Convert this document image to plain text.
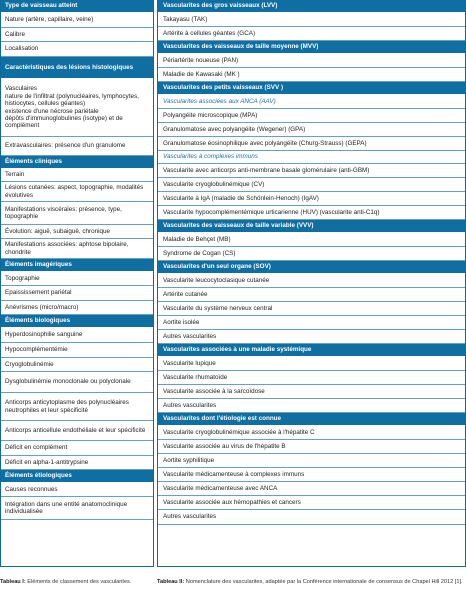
Type de vaisseau atteint
Nature (artère, capillaire, veine)
Calibre
Localisation
Caractéristiques des lésions histologiques
Vasculaires
nature de l'infiltrat (polynucléaires, lymphocytes, histiocytes, cellules géantes)
existence d'une nécrose pariétale
dépôts d'immunoglobulines (isotype) et de complément
Extravasculaires: présence d'un granulome
Éléments cliniques
Terrain
Lésions cutanées: aspect, topographie, modalités évolutives
Manifestations viscérales: présence, type, topographie
Évolution: aiguë, subaiguë, chronique
Manifestations associées: aphtose bipolaire, chondrite
Éléments imagériques
Topographie
Epaississement pariétal
Anévrismes (micro/macro)
Éléments biologiques
Hyperdosinophilie sanguine
Hypocomplémentémie
Cryoglobulinémie
Dysglobulinémie monoclonale ou polyclonale
Anticorps anticytoplasme des polynucléaires neutrophiles et leur spécificité
Anticorps anticellule endothéliale et leur spécificité
Déficit en complément
Déficit en alpha-1-antitrypsine
Éléments étiologiques
Causes reconnues
Intégration dans une entité anatomoclinique individualisée
Vascularites des gros vaisseaux (LVV)
Takayasu (TAK)
Artérite à cellules géantes (GCA)
Vascularites des vaisseaux de taille moyenne (MVV)
Périartérite noueuse (PAN)
Maladie de Kawasaki (MK )
Vascularites des petits vaisseaux (SVV )
Vascularites associées aux ANCA (AAV)
Polyangéite microscopique (MPA)
Granulomatose avec polyangéite (Wegener) (GPA)
Granulomatose éosinophilique avec polyangéite (Churg-Strauss) (GEPA)
Vascularites à complexes immuns
Vascularite avec anticorps anti-membrane basale glomérulaire (anti-GBM)
Vascularite cryoglobulinémique (CV)
Vascularite à IgA (maladie de Schönlein-Henoch) (IgAV)
Vascularite hypocomplémentémique urticarienne (HUV) (vascularite anti-C1q)
Vascularites des vaisseaux de taille variable (VVV)
Maladie de Behçet (MB)
Syndrome de Cogan (CS)
Vascularites d'un seul organe (SOV)
Vascularite leucocytoclasique cutanée
Artérite cutanée
Vascularite du système nerveux central
Aortite isolée
Autres vascularites
Vascularites associées à une maladie systémique
Vascularite lupique
Vascularite rhumatoïde
Vascularite associée à la sarcoïdose
Autres vascularites
Vascularites dont l'étiologie est connue
Vascularite cryoglobulinémique associée à l'hépatite C
Vascularite associée au virus de l'hépatite B
Aortite syphilitique
Vascularite médicamenteuse à complexes immuns
Vascularite médicamenteuse avec ANCA
Vascularite associée aux hémopathies et cancers
Autres vascularites
Tableau I: Eléments de classement des vascularites.	Tableau II: Nomenclature des vascularites, adaptée par la Conférence internationale de consensus de Chapel Hill 2012 [1].
